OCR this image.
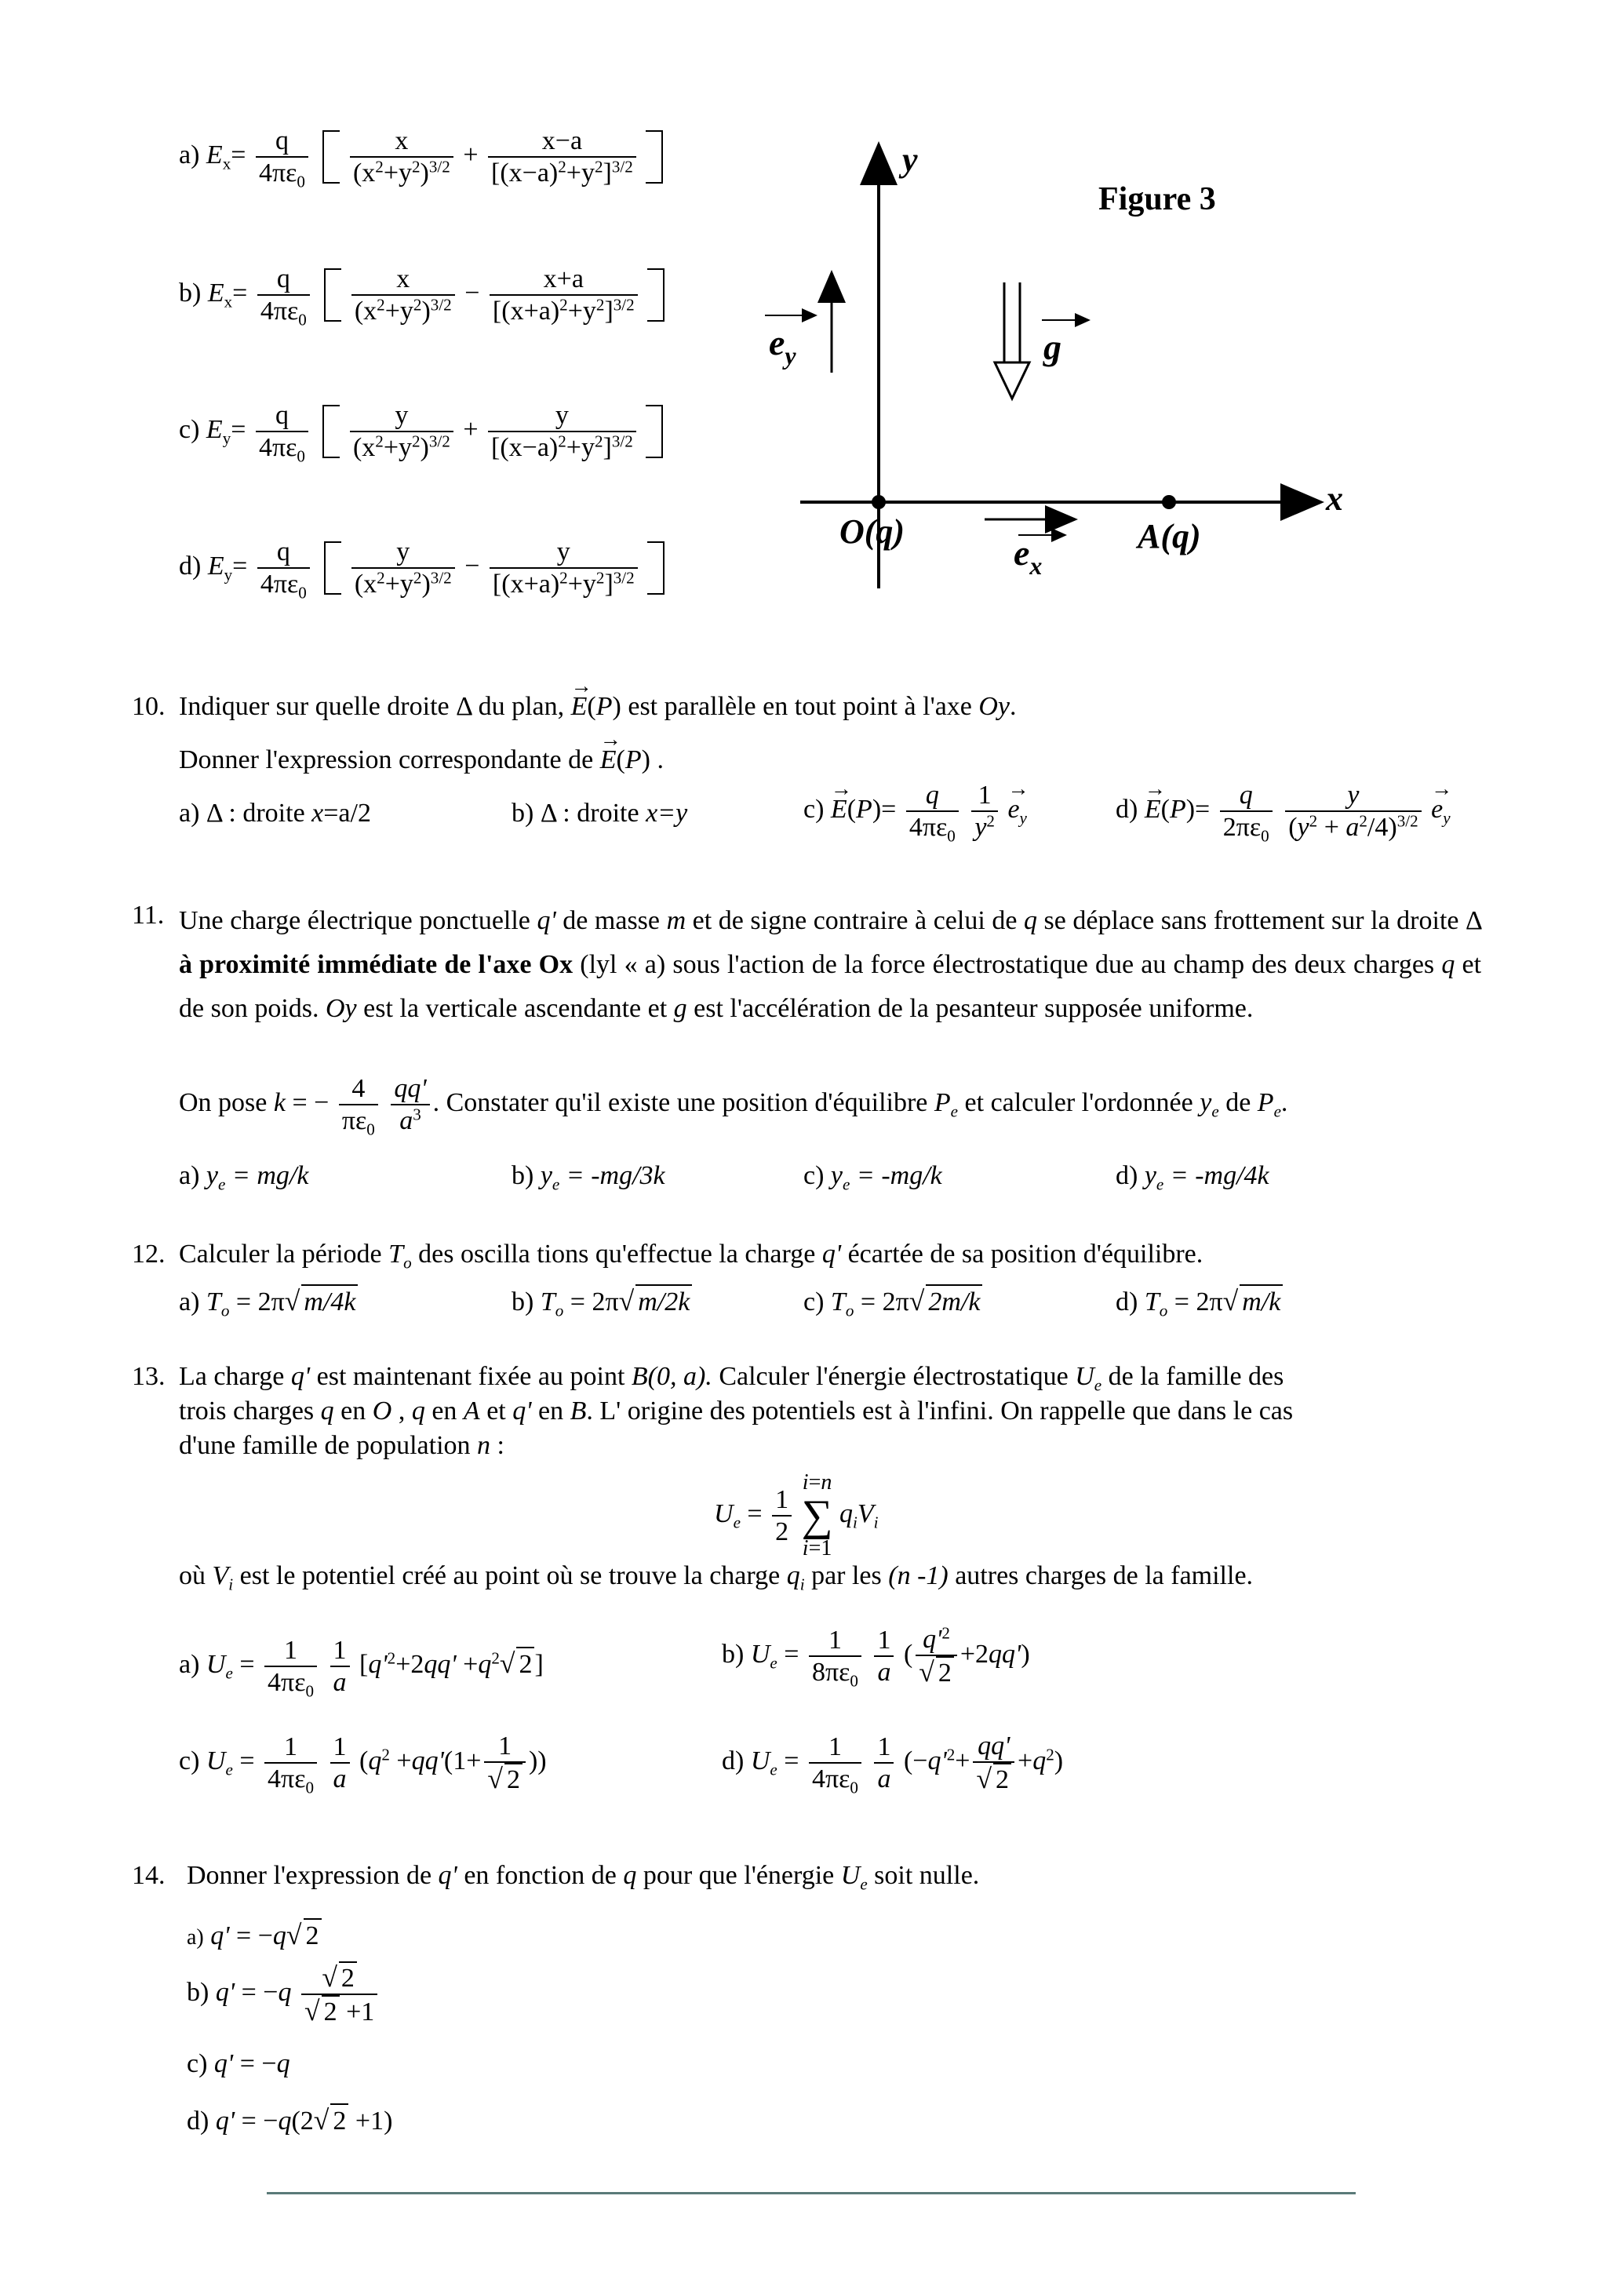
a) $E_x= \frac{q}{4\pi\varepsilon_0}$
$\frac{x}{(x^2+y^2)^{3/2}} + \frac{x-a}{[(x-a)^2+y^2]^{3/2}}$

b) $E_x= \frac{q}{4\pi\varepsilon_0}$
$\frac{x}{(x^2+y^2)^{3/2}} - \frac{x+a}{[(x+a)^2+y^2]^{3/2}}$

c) $E_y= \frac{q}{4\pi\varepsilon_0}$
$\frac{y}{(x^2+y^2)^{3/2}} + \frac{y}{[(x-a)^2+y^2]^{3/2}}$

d) $E_y= \frac{q}{4\pi\varepsilon_0}$
$\frac{y}{(x^2+y^2)^{3/2}} - \frac{y}{[(x+a)^2+y^2]^{3/2}}$

y
x
Figure 3
O(q)	A(q)
$e_y$	g
$e_x$
10. Indiquer sur quelle droite Δ du plan, → E(P) est parallèle en tout point à l'axe Oy.
Donner l'expression correspondante de → E(P) .
a) Δ : droite x=a/2	b) Δ : droite x=y	$c) \to E(P)= \frac{q}{4\pi\varepsilon_0}$
$\frac{1}{y^2}$
→ $e_y$	$d) \to E(P)= \frac{q}{2\pi\varepsilon_0}$
$\frac{y}{(y^2 + a^2/4)^{3/2}}$
→ $e_y$
11. Une charge électrique ponctuelle q' de masse m et de signe contraire à celui de q se déplace sans frottement sur la droite Δ à proximité immédiate de l'axe Ox (lyl « a) sous l'action de la force électrostatique due au champ des deux charges q et de son poids. Oy est la verticale ascendante et g est l'accélération de la pesanteur supposée uniforme.
On pose k = − $\frac{4}{\pi\varepsilon_0}$
$\frac{qq'}{a^3}$ . Constater qu'il existe une position d'équilibre $P_e$ et calculer l'ordonnée $y_e$ de $P_e$.
a) $y_e = mg/k$	b) $y_e = -mg/3k$	c) $y_e = -mg/k$	d) $y_e = -mg/4k$
12. Calculer la période $T_o$ des oscilla tions qu'effectue la charge q' écartée de sa position d'équilibre.
a) $T_o = 2\pi√$ m/4k	b) $T_o = 2\pi√$ m/2k	c) $T_o = 2\pi√$ 2m/k	d) $T_o = 2\pi√$ m/k
13. La charge q' est maintenant fixée au point B(0, a). Calculer l'énergie électrostatique $U_e$ de la famille des
trois charges q en O , q en A et q' en B. L' origine des potentiels est à l'infini. On rappelle que dans le cas
d'une famille de population n :
$U_e = \frac{1}{2}$

i=n
∑
i=1
$q_iV_i$
où $V_i$ est le potentiel créé au point où se trouve la charge $q_i$ par les (n -1) autres charges de la famille.
a) $U_e = \frac{1}{4\pi\varepsilon_0}$
$\frac{1}{a} [q'^2+2qq' +q^2√$ 2]	b) $U_e = \frac{1}{8\pi\varepsilon_0}$
$\frac{1}{a}$ ( $\frac{q'^2}{√ 2} +2qq'$)
c) $U_e = \frac{1}{4\pi\varepsilon_0}$
$\frac{1}{a} (q^2 +qq'(1+ \frac{1}{√ 2}$ ))	d) $U_e = \frac{1}{4\pi\varepsilon_0}$
$\frac{1}{a} (-q'^2+ \frac{qq'}{√ 2} +q^2)$
14. Donner l'expression de q' en fonction de q pour que l'énergie $U_e$ soit nulle.
a) q' = −q√ 2
b) $q' = -q \frac{√ 2}{√ 2 +1}$
c) q' = −q
d) q' = −q(2√ 2 +1)
